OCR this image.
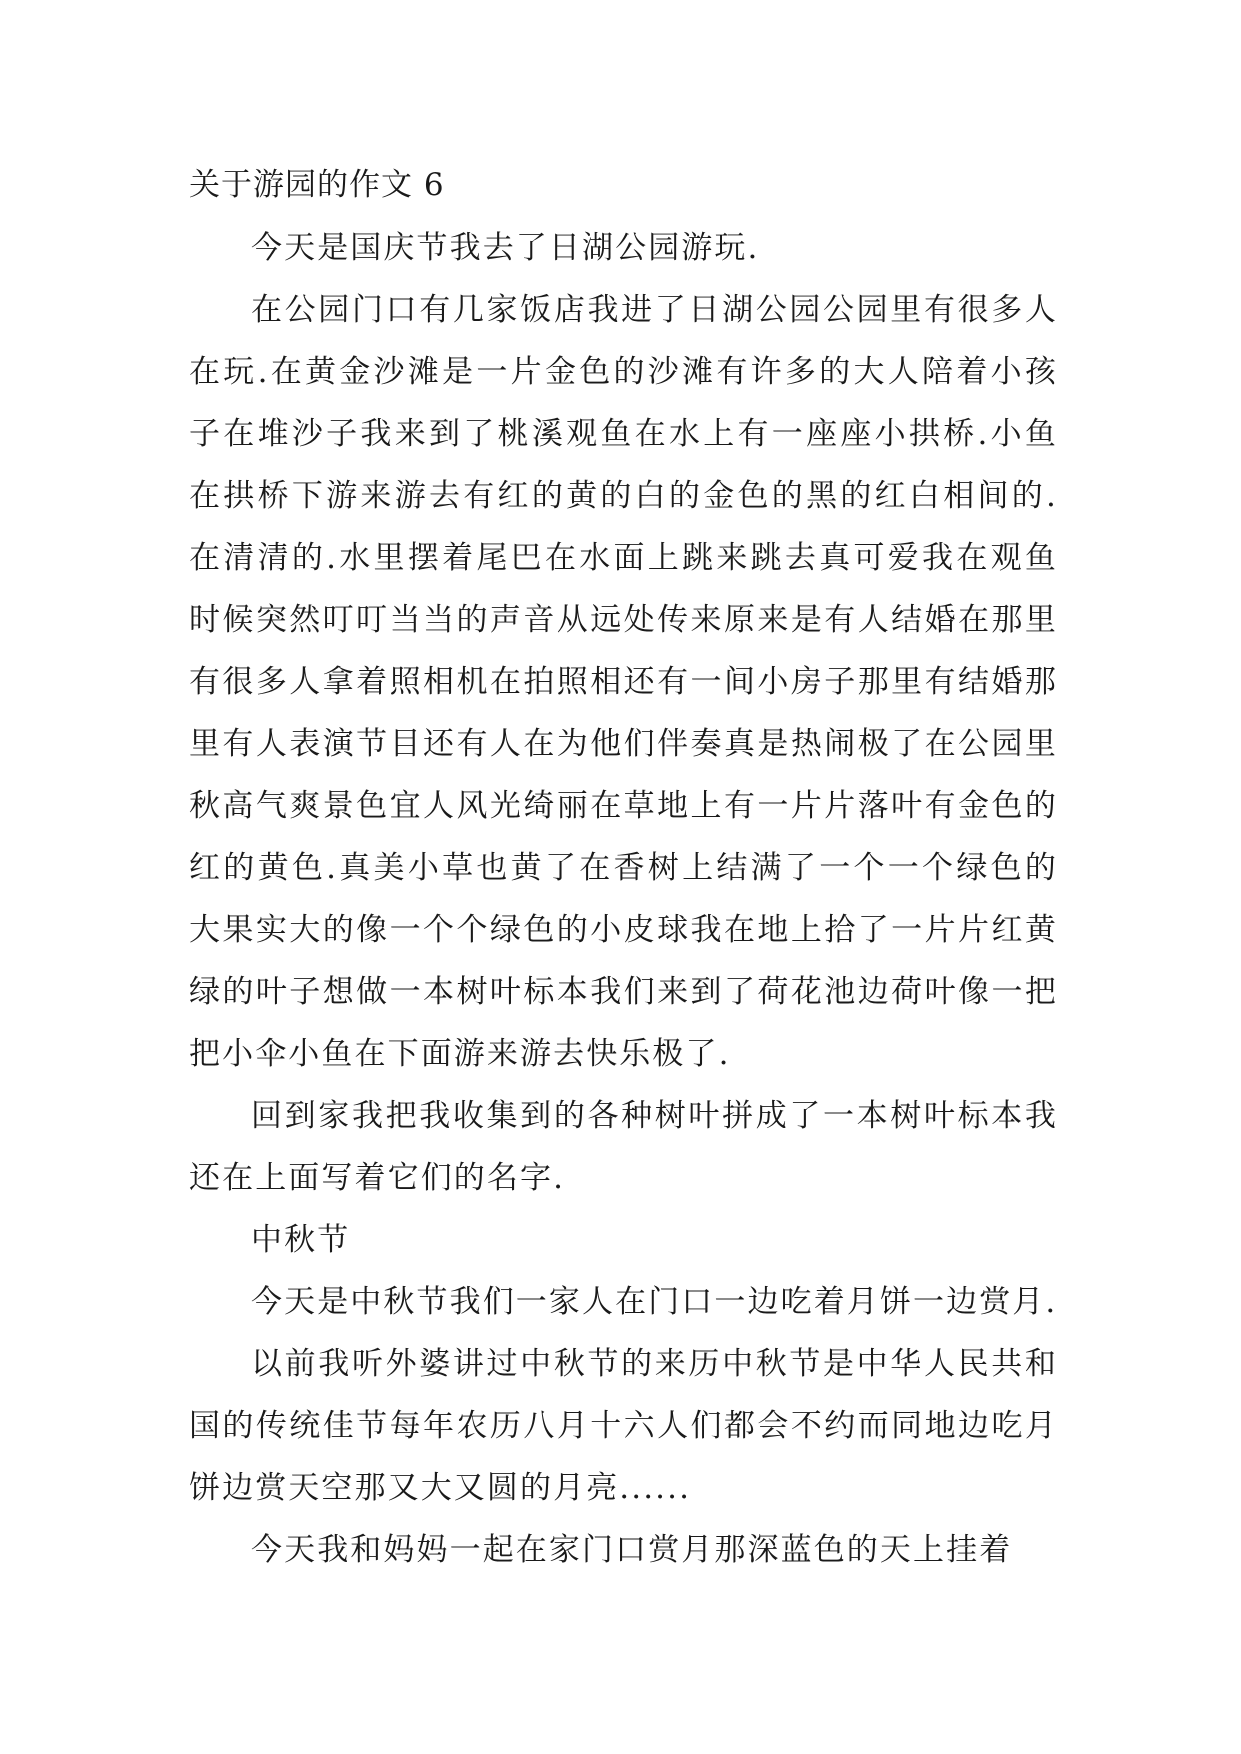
关于游园的作文 6

今天是国庆节我去了日湖公园游玩.

在公园门口有几家饭店我进了日湖公园公园里有很多人在玩.在黄金沙滩是一片金色的沙滩有许多的大人陪着小孩子在堆沙子我来到了桃溪观鱼在水上有一座座小拱桥.小鱼在拱桥下游来游去有红的黄的白的金色的黑的红白相间的.在清清的.水里摆着尾巴在水面上跳来跳去真可爱我在观鱼时候突然叮叮当当的声音从远处传来原来是有人结婚在那里有很多人拿着照相机在拍照相还有一间小房子那里有结婚那里有人表演节目还有人在为他们伴奏真是热闹极了在公园里秋高气爽景色宜人风光绮丽在草地上有一片片落叶有金色的红的黄色.真美小草也黄了在香树上结满了一个一个绿色的大果实大的像一个个绿色的小皮球我在地上拾了一片片红黄绿的叶子想做一本树叶标本我们来到了荷花池边荷叶像一把把小伞小鱼在下面游来游去快乐极了.

回到家我把我收集到的各种树叶拼成了一本树叶标本我还在上面写着它们的名字.

中秋节

今天是中秋节我们一家人在门口一边吃着月饼一边赏月.

以前我听外婆讲过中秋节的来历中秋节是中华人民共和国的传统佳节每年农历八月十六人们都会不约而同地边吃月饼边赏天空那又大又圆的月亮......

今天我和妈妈一起在家门口赏月那深蓝色的天上挂着
